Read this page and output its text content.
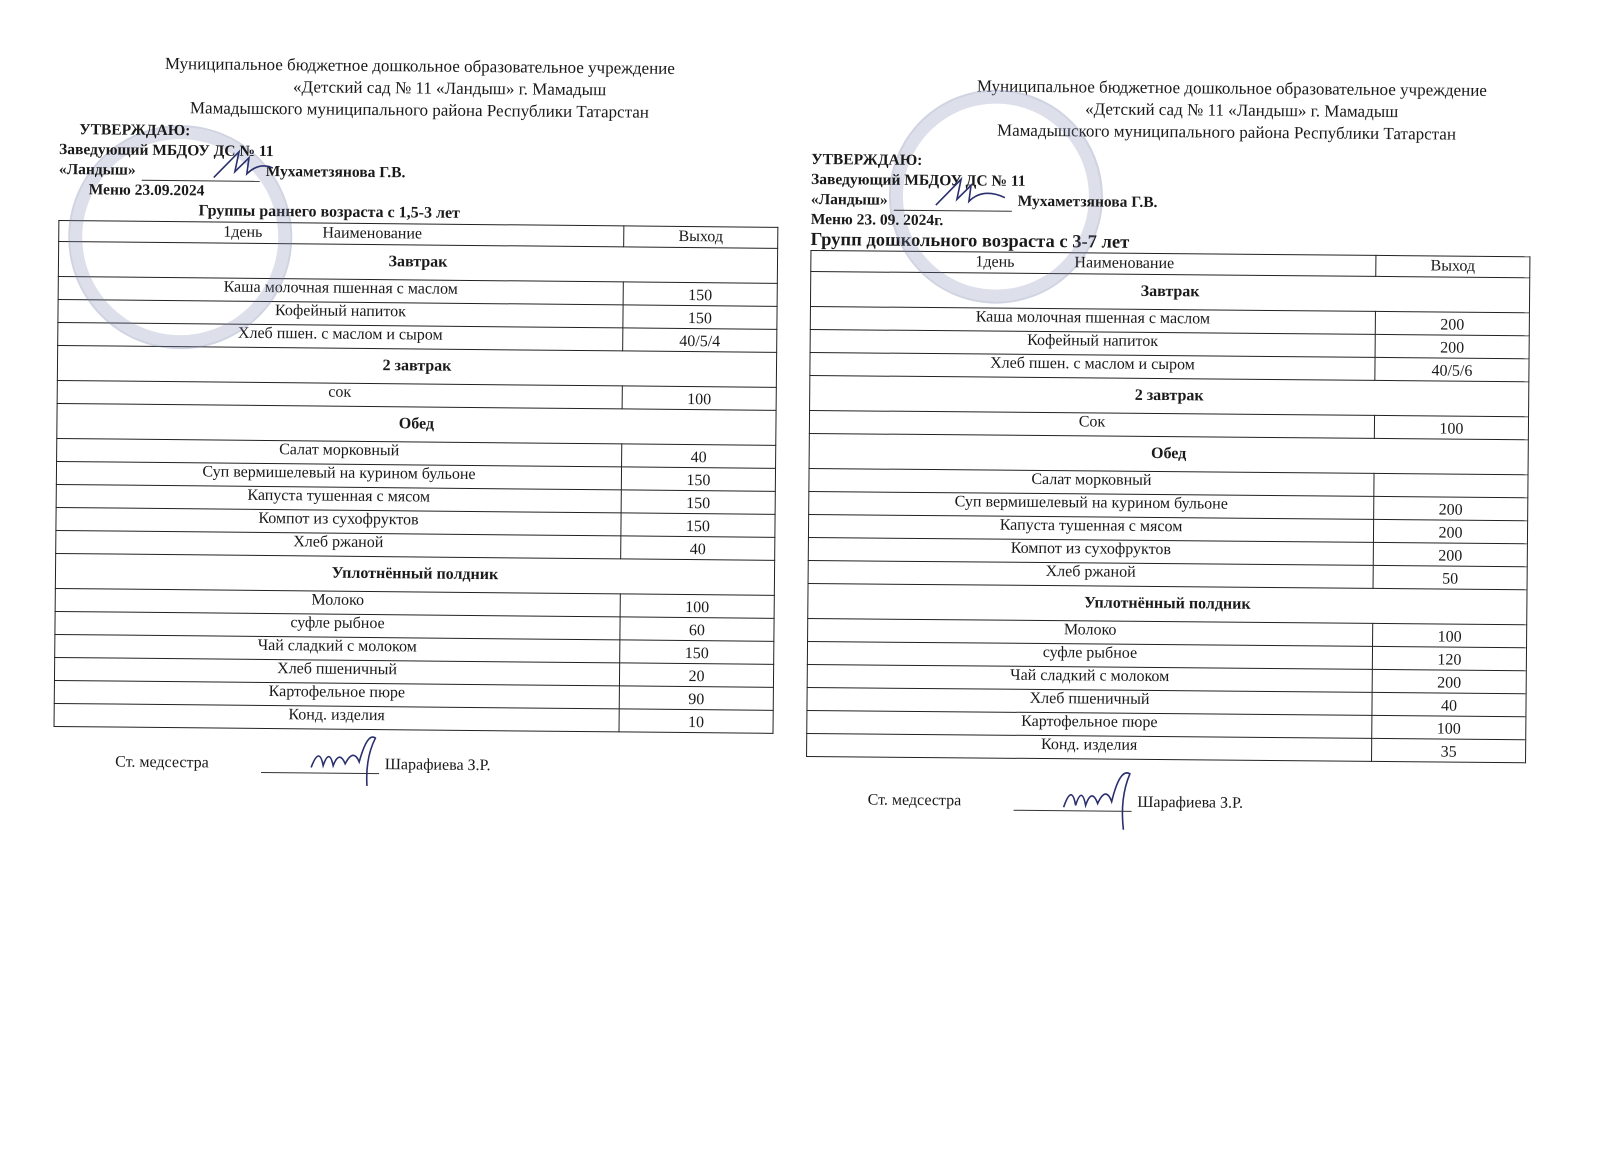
Муниципальное бюджетное дошкольное образовательное учреждение
«Детский сад № 11 «Ландыш» г. Мамадыш
Мамадышского муниципального района Республики Татарстан
УТВЕРЖДАЮ:
Заведующий МБДОУ ДС № 11
«Ландыш»	Мухаметзянова Г.В.
Меню 23.09.2024
Группы раннего возраста с 1,5-3 лет
1день Наименование	Выход
Завтрак	
Каша молочная пшенная с маслом	150
Кофейный напиток	150
Хлеб пшен. с маслом и сыром	40/5/4
2 завтрак	
сок	100
Обед	
Салат морковный	40
Суп вермишелевый на курином бульоне	150
Капуста тушенная с мясом	150
Компот из сухофруктов	150
Хлеб ржаной	40
Уплотнённый полдник	
Молоко	100
суфле рыбное	60
Чай сладкий с молоком	150
Хлеб пшеничный	20
Картофельное пюре	90
Конд. изделия	10
Ст. медсестра	Шарафиева З.Р.
Муниципальное бюджетное дошкольное образовательное учреждение
«Детский сад № 11 «Ландыш» г. Мамадыш
Мамадышского муниципального района Республики Татарстан
УТВЕРЖДАЮ:
Заведующий МБДОУ ДС № 11
«Ландыш»	Мухаметзянова Г.В.
Меню 23. 09. 2024г.
Групп дошкольного возраста с 3-7 лет
1день Наименование	Выход
Завтрак	
Каша молочная пшенная с маслом	200
Кофейный напиток	200
Хлеб пшен. с маслом и сыром	40/5/6
2 завтрак	
Сок	100
Обед	
Салат морковный	
Суп вермишелевый на курином бульоне	200
Капуста тушенная с мясом	200
Компот из сухофруктов	200
Хлеб ржаной	50
Уплотнённый полдник	
Молоко	100
суфле рыбное	120
Чай сладкий с молоком	200
Хлеб пшеничный	40
Картофельное пюре	100
Конд. изделия	35
Ст. медсестра	Шарафиева З.Р.
